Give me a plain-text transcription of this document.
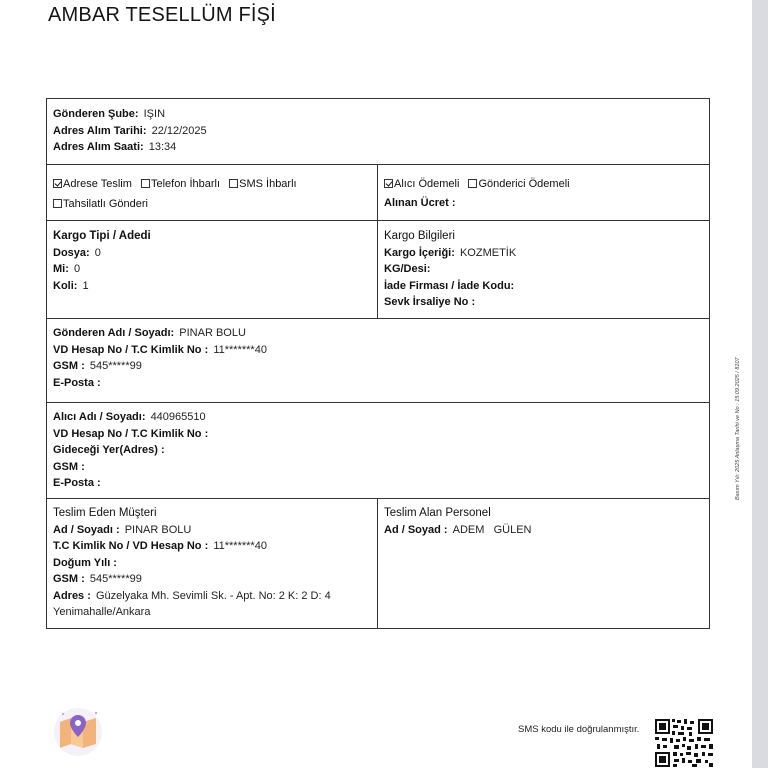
AMBAR TESELLÜM FİŞİ
Gönderen Şube: IŞIN
Adres Alım Tarihi: 22/12/2025
Adres Alım Saati: 13:34
Adrese Teslim Telefon İhbarlı SMS İhbarlı
Tahsilatlı Gönderi
Alıcı Ödemeli Gönderici Ödemeli
Alınan Ücret :
Kargo Tipi / Adedi
Dosya: 0
Mi: 0
Koli: 1
Kargo Bilgileri
Kargo İçeriği: KOZMETİK
KG/Desi:
İade Firması / İade Kodu:
Sevk İrsaliye No :
Gönderen Adı / Soyadı: PINAR BOLU
VD Hesap No / T.C Kimlik No : 11*******40
GSM : 545*****99
E-Posta :
Alıcı Adı / Soyadı: 440965510
VD Hesap No / T.C Kimlik No :
Gideceği Yer(Adres) :
GSM :
E-Posta :
Teslim Eden Müşteri
Ad / Soyadı : PINAR BOLU
T.C Kimlik No / VD Hesap No : 11*******40
Doğum Yılı :
GSM : 545*****99
Adres : Güzelyaka Mh. Sevimli Sk. - Apt. No: 2 K: 2 D: 4
Yenimahalle/Ankara
Teslim Alan Personel
Ad / Soyad : ADEM   GÜLEN
Basım Yılı: 2025 Anlaşma Tarihi ve No : 15.09.2025 / 8107
SMS kodu ile doğrulanmıştır.
